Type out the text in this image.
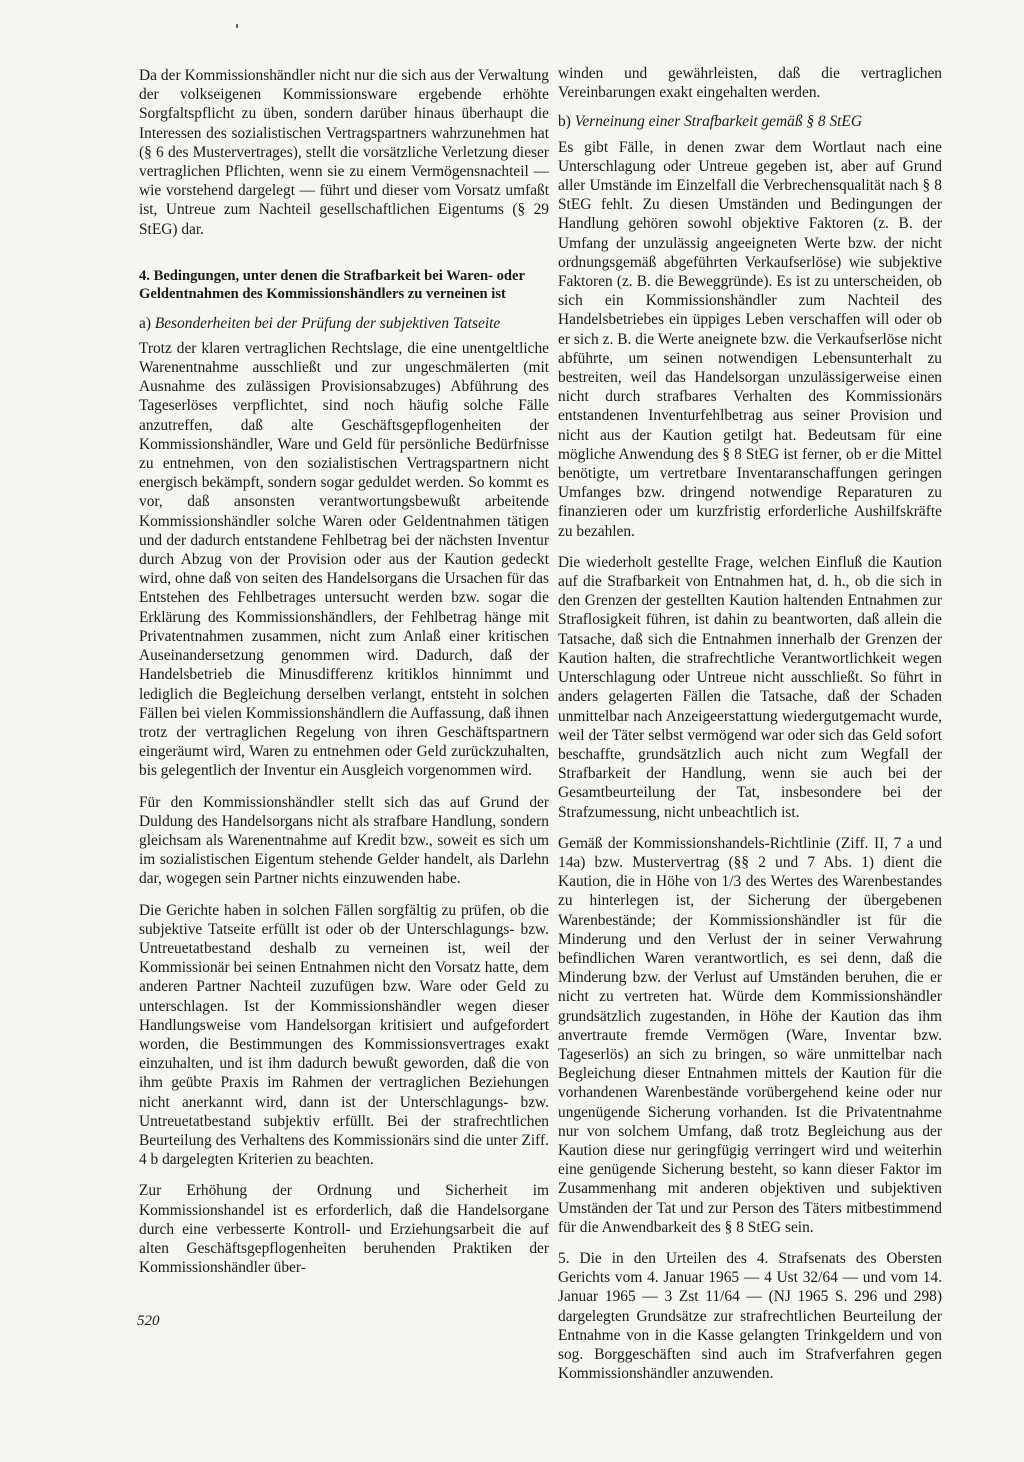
Da der Kommissionshändler nicht nur die sich aus der Verwaltung der volkseigenen Kommissionsware ergebende erhöhte Sorgfaltspflicht zu üben, sondern darüber hinaus überhaupt die Interessen des sozialistischen Vertragspartners wahrzunehmen hat (§ 6 des Mustervertrages), stellt die vorsätzliche Verletzung dieser vertraglichen Pflichten, wenn sie zu einem Vermögensnachteil — wie vorstehend dargelegt — führt und dieser vom Vorsatz umfaßt ist, Untreue zum Nachteil gesellschaftlichen Eigentums (§ 29 StEG) dar.

4. Bedingungen, unter denen die Strafbarkeit bei Waren- oder Geldentnahmen des Kommissionshändlers zu verneinen ist

a) Besonderheiten bei der Prüfung der subjektiven Tatseite

Trotz der klaren vertraglichen Rechtslage, die eine unentgeltliche Warenentnahme ausschließt und zur ungeschmälerten (mit Ausnahme des zulässigen Provisionsabzuges) Abführung des Tageserlöses verpflichtet, sind noch häufig solche Fälle anzutreffen, daß alte Geschäftsgepflogenheiten der Kommissionshändler, Ware und Geld für persönliche Bedürfnisse zu entnehmen, von den sozialistischen Vertragspartnern nicht energisch bekämpft, sondern sogar geduldet werden. So kommt es vor, daß ansonsten verantwortungsbewußt arbeitende Kommissionshändler solche Waren oder Geldentnahmen tätigen und der dadurch entstandene Fehlbetrag bei der nächsten Inventur durch Abzug von der Provision oder aus der Kaution gedeckt wird, ohne daß von seiten des Handelsorgans die Ursachen für das Entstehen des Fehlbetrages untersucht werden bzw. sogar die Erklärung des Kommissionshändlers, der Fehlbetrag hänge mit Privatentnahmen zusammen, nicht zum Anlaß einer kritischen Auseinandersetzung genommen wird. Dadurch, daß der Handelsbetrieb die Minusdifferenz kritiklos hinnimmt und lediglich die Begleichung derselben verlangt, entsteht in solchen Fällen bei vielen Kommissionshändlern die Auffassung, daß ihnen trotz der vertraglichen Regelung von ihren Geschäftspartnern eingeräumt wird, Waren zu entnehmen oder Geld zurückzuhalten, bis gelegentlich der Inventur ein Ausgleich vorgenommen wird.

Für den Kommissionshändler stellt sich das auf Grund der Duldung des Handelsorgans nicht als strafbare Handlung, sondern gleichsam als Warenentnahme auf Kredit bzw., soweit es sich um im sozialistischen Eigentum stehende Gelder handelt, als Darlehn dar, wogegen sein Partner nichts einzuwenden habe.

Die Gerichte haben in solchen Fällen sorgfältig zu prüfen, ob die subjektive Tatseite erfüllt ist oder ob der Unterschlagungs- bzw. Untreuetatbestand deshalb zu verneinen ist, weil der Kommissionär bei seinen Entnahmen nicht den Vorsatz hatte, dem anderen Partner Nachteil zuzufügen bzw. Ware oder Geld zu unterschlagen. Ist der Kommissionshändler wegen dieser Handlungsweise vom Handelsorgan kritisiert und aufgefordert worden, die Bestimmungen des Kommissionsvertrages exakt einzuhalten, und ist ihm dadurch bewußt geworden, daß die von ihm geübte Praxis im Rahmen der vertraglichen Beziehungen nicht anerkannt wird, dann ist der Unterschlagungs- bzw. Untreuetatbestand subjektiv erfüllt. Bei der strafrechtlichen Beurteilung des Verhaltens des Kommissionärs sind die unter Ziff. 4 b dargelegten Kriterien zu beachten.

Zur Erhöhung der Ordnung und Sicherheit im Kommissionshandel ist es erforderlich, daß die Handelsorgane durch eine verbesserte Kontroll- und Erziehungsarbeit die auf alten Geschäftsgepflogenheiten beruhenden Praktiken der Kommissionshändler über-

winden und gewährleisten, daß die vertraglichen Vereinbarungen exakt eingehalten werden.

b) Verneinung einer Strafbarkeit gemäß § 8 StEG

Es gibt Fälle, in denen zwar dem Wortlaut nach eine Unterschlagung oder Untreue gegeben ist, aber auf Grund aller Umstände im Einzelfall die Verbrechensqualität nach § 8 StEG fehlt. Zu diesen Umständen und Bedingungen der Handlung gehören sowohl objektive Faktoren (z. B. der Umfang der unzulässig angeeigneten Werte bzw. der nicht ordnungsgemäß abgeführten Verkaufserlöse) wie subjektive Faktoren (z. B. die Beweggründe). Es ist zu unterscheiden, ob sich ein Kommissionshändler zum Nachteil des Handelsbetriebes ein üppiges Leben verschaffen will oder ob er sich z. B. die Werte aneignete bzw. die Verkaufserlöse nicht abführte, um seinen notwendigen Lebensunterhalt zu bestreiten, weil das Handelsorgan unzulässigerweise einen nicht durch strafbares Verhalten des Kommissionärs entstandenen Inventurfehlbetrag aus seiner Provision und nicht aus der Kaution getilgt hat. Bedeutsam für eine mögliche Anwendung des § 8 StEG ist ferner, ob er die Mittel benötigte, um vertretbare Inventaranschaffungen geringen Umfanges bzw. dringend notwendige Reparaturen zu finanzieren oder um kurzfristig erforderliche Aushilfskräfte zu bezahlen.

Die wiederholt gestellte Frage, welchen Einfluß die Kaution auf die Strafbarkeit von Entnahmen hat, d. h., ob die sich in den Grenzen der gestellten Kaution haltenden Entnahmen zur Straflosigkeit führen, ist dahin zu beantworten, daß allein die Tatsache, daß sich die Entnahmen innerhalb der Grenzen der Kaution halten, die strafrechtliche Verantwortlichkeit wegen Unterschlagung oder Untreue nicht ausschließt. So führt in anders gelagerten Fällen die Tatsache, daß der Schaden unmittelbar nach Anzeigeerstattung wiedergutgemacht wurde, weil der Täter selbst vermögend war oder sich das Geld sofort beschaffte, grundsätzlich auch nicht zum Wegfall der Strafbarkeit der Handlung, wenn sie auch bei der Gesamtbeurteilung der Tat, insbesondere bei der Strafzumessung, nicht unbeachtlich ist.

Gemäß der Kommissionshandels-Richtlinie (Ziff. II, 7 a und 14a) bzw. Mustervertrag (§§ 2 und 7 Abs. 1) dient die Kaution, die in Höhe von 1/3 des Wertes des Warenbestandes zu hinterlegen ist, der Sicherung der übergebenen Warenbestände; der Kommissionshändler ist für die Minderung und den Verlust der in seiner Verwahrung befindlichen Waren verantwortlich, es sei denn, daß die Minderung bzw. der Verlust auf Umständen beruhen, die er nicht zu vertreten hat. Würde dem Kommissionshändler grundsätzlich zugestanden, in Höhe der Kaution das ihm anvertraute fremde Vermögen (Ware, Inventar bzw. Tageserlös) an sich zu bringen, so wäre unmittelbar nach Begleichung dieser Entnahmen mittels der Kaution für die vorhandenen Warenbestände vorübergehend keine oder nur ungenügende Sicherung vorhanden. Ist die Privatentnahme nur von solchem Umfang, daß trotz Begleichung aus der Kaution diese nur geringfügig verringert wird und weiterhin eine genügende Sicherung besteht, so kann dieser Faktor im Zusammenhang mit anderen objektiven und subjektiven Umständen der Tat und zur Person des Täters mitbestimmend für die Anwendbarkeit des § 8 StEG sein.

5. Die in den Urteilen des 4. Strafsenats des Obersten Gerichts vom 4. Januar 1965 — 4 Ust 32/64 — und vom 14. Januar 1965 — 3 Zst 11/64 — (NJ 1965 S. 296 und 298) dargelegten Grundsätze zur strafrechtlichen Beurteilung der Entnahme von in die Kasse gelangten Trinkgeldern und von sog. Borggeschäften sind auch im Strafverfahren gegen Kommissionshändler anzuwenden.

520
